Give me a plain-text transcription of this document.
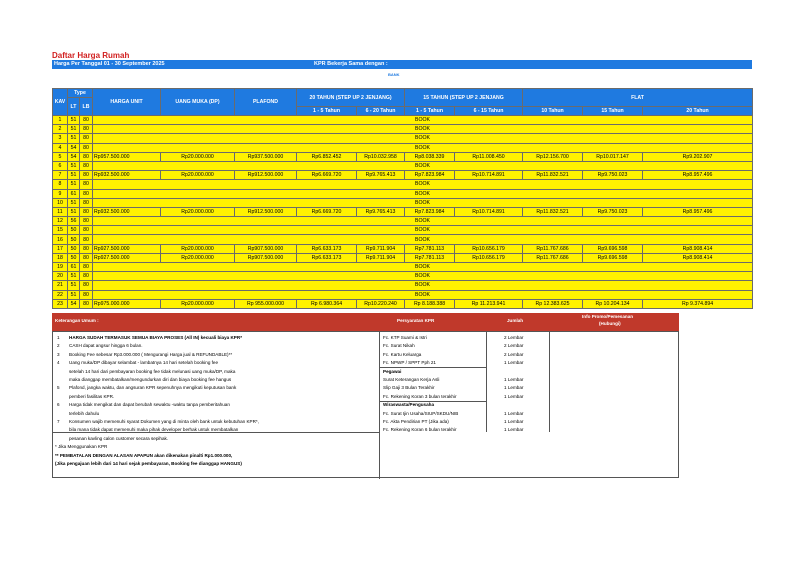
Daftar Harga Rumah
Harga Per Tanggal 01 - 30 September 2025	KPR Bekerja Sama dengan :
BANK
KAV	Type		HARGA UNIT	UANG MUKA (DP)	PLAFOND	20 TAHUN (STEP UP 2 JENJANG)		15 TAHUN (STEP UP 2 JENJANG		FLAT		
	LT	LB										
						1 - 5 Tahun	6 - 20 Tahun	1 - 5 Tahun	6 - 15 Tahun	10 Tahun	15 Tahun	20 Tahun
1	51	80	BOOK									
2	51	80	BOOK									
3	51	80	BOOK									
4	54	80	BOOK									
5	54	80	Rp957.500.000	Rp20.000.000	Rp937.500.000	Rp6.852.452	Rp10.032.958	Rp8.038.339	Rp11.008.450	Rp12.156.700	Rp10.017.147	Rp9.202.907
6	51	80	BOOK									
7	51	80	Rp932.500.000	Rp20.000.000	Rp912.500.000	Rp6.669.720	Rp9.765.413	Rp7.823.984	Rp10.714.891	Rp11.832.521	Rp9.750.023	Rp8.957.496
8	51	80	BOOK									
9	61	80	BOOK									
10	51	80	BOOK									
11	51	80	Rp932.500.000	Rp20.000.000	Rp912.500.000	Rp6.669.720	Rp9.765.413	Rp7.823.984	Rp10.714.891	Rp11.832.521	Rp9.750.023	Rp8.957.496
12	56	80	BOOK									
15	50	80	BOOK									
16	50	80	BOOK									
17	50	80	Rp927.500.000	Rp20.000.000	Rp907.500.000	Rp6.633.173	Rp9.711.904	Rp7.781.113	Rp10.656.179	Rp11.767.686	Rp9.696.598	Rp8.908.414
18	50	80	Rp927.500.000	Rp20.000.000	Rp907.500.000	Rp6.633.173	Rp9.711.904	Rp7.781.113	Rp10.656.179	Rp11.767.686	Rp9.696.598	Rp8.908.414
19	61	80	BOOK									
20	51	80	BOOK									
21	51	80	BOOK									
22	51	80	BOOK									
23	54	80	Rp975.000.000	Rp20.000.000	Rp 955.000.000	Rp 6.980.364	Rp10.220.240	Rp 8.188.388	Rp 11.213.941	Rp 12.383.625	Rp 10.204.134	Rp 9.374.894
Keterangan Umum :	Persyaratan KPR	Jumlah
Info Promo/Pemesanan
(Hubungi)
1 HARGA SUDAH TERMASUK SEMUA BIAYA PROSES (All IN) kecuali biaya KPR*
2 CASH dapat angsur hingga 6 bulan.
3 Booking Fee sebesar Rp3.000.000 ( Mengurangi Harga jual & REFUNDABLE)**
4 Uang muka/DP dibayar selambat - lambatnya 14 hari setelah booking fee
setelah 14 hari dari pembayaran booking fee tidak melunasi uang muka/DP, maka
maka dianggap membatalkan/mengundurkan diri dan biaya booking fee hangus
5 Plafond, jangka waktu, dan angsuran KPR sepenuhnya mengikuti keputusan bank
pemberi fasilitas KPR.
6 Harga tidak mengikat dan dapat berubah sewaktu -waktu tanpa pemberitahuan
terlebih dahulu
7 Konsumen wajib memenuhi syarat Dokumen yang di minta oleh bank untuk kebutuhan KPR*,
bila mana tidak dapat memenuhi maka pihak developer berhak untuk membatalkan
pesanan kavling calon customer secara sepihak.
* Jika Menggunakan KPR
** PEMBATALAN DENGAN ALASAN APAPUN akan dikenakan pinalti Rp1.000.000,
(Jika pengajuan lebih dari 14 hari sejak pembayaran, Booking fee dianggap HANGUS)
Fc. KTP Suami & Istri	2 Lembar
Fc. Surat Nikah	2 Lembar
Fc. Kartu Keluarga	2 Lembar
Fc. NPWP / SPPT Pph 21	1 Lembar
Pegawai
Surat Keterangan Kerja Asli	1 Lembar
Slip Gaji 3 Bulan Terakhir	1 Lembar
Fc. Rekening Koran 3 bulan terakhir	1 Lembar
Wiraswasta/Pengusaha
Fc. Surat Ijin Usaha/SIUP/SKDU/NIB	1 Lembar
Fc. Akta Pendirian PT (Jika ada)	1 Lembar
Fc. Rekening Koran 6 bulan terakhir	1 Lembar
